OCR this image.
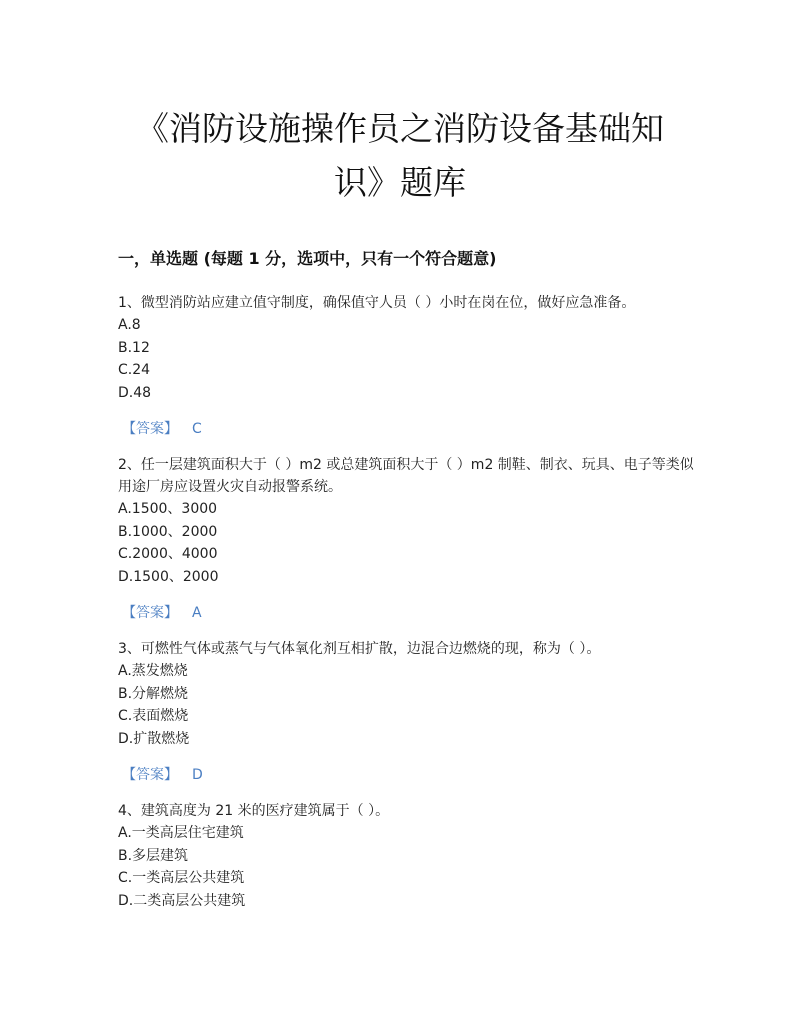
《消防设施操作员之消防设备基础知
识》题库
一，单选题 (每题 1 分，选项中，只有一个符合题意)

1、微型消防站应建立值守制度，确保值守人员（ ）小时在岗在位，做好应急准备。

A.8
B.12
C.24
D.48
【答案】 C

2、任一层建筑面积大于（ ）m2 或总建筑面积大于（ ）m2 制鞋、制衣、玩具、电子等类似用途厂房应设置火灾自动报警系统。

A.1500、3000
B.1000、2000
C.2000、4000
D.1500、2000
【答案】 A

3、可燃性气体或蒸气与气体氧化剂互相扩散，边混合边燃烧的现，称为（ ）。

A.蒸发燃烧
B.分解燃烧
C.表面燃烧
D.扩散燃烧
【答案】 D

4、建筑高度为 21 米的医疗建筑属于（ ）。

A.一类高层住宅建筑
B.多层建筑
C.一类高层公共建筑
D.二类高层公共建筑
